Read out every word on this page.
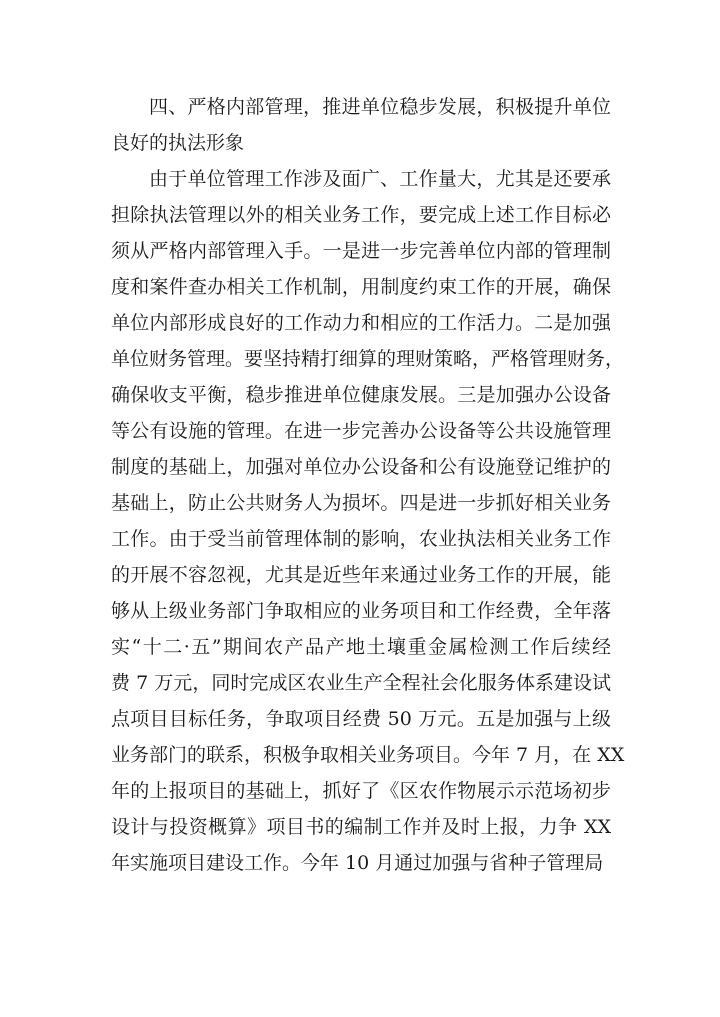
四、严格内部管理，推进单位稳步发展，积极提升单位
良好的执法形象
由于单位管理工作涉及面广、工作量大，尤其是还要承
担除执法管理以外的相关业务工作，要完成上述工作目标必
须从严格内部管理入手。一是进一步完善单位内部的管理制
度和案件查办相关工作机制，用制度约束工作的开展，确保
单位内部形成良好的工作动力和相应的工作活力。二是加强
单位财务管理。要坚持精打细算的理财策略，严格管理财务，
确保收支平衡，稳步推进单位健康发展。三是加强办公设备
等公有设施的管理。在进一步完善办公设备等公共设施管理
制度的基础上，加强对单位办公设备和公有设施登记维护的
基础上，防止公共财务人为损坏。四是进一步抓好相关业务
工作。由于受当前管理体制的影响，农业执法相关业务工作
的开展不容忽视，尤其是近些年来通过业务工作的开展，能
够从上级业务部门争取相应的业务项目和工作经费，全年落
实“十二·五”期间农产品产地土壤重金属检测工作后续经
费 7 万元，同时完成区农业生产全程社会化服务体系建设试
点项目目标任务，争取项目经费 50 万元。五是加强与上级
业务部门的联系，积极争取相关业务项目。今年 7 月，在 XX
年的上报项目的基础上，抓好了《区农作物展示示范场初步
设计与投资概算》项目书的编制工作并及时上报，力争 XX
年实施项目建设工作。今年 10 月通过加强与省种子管理局
